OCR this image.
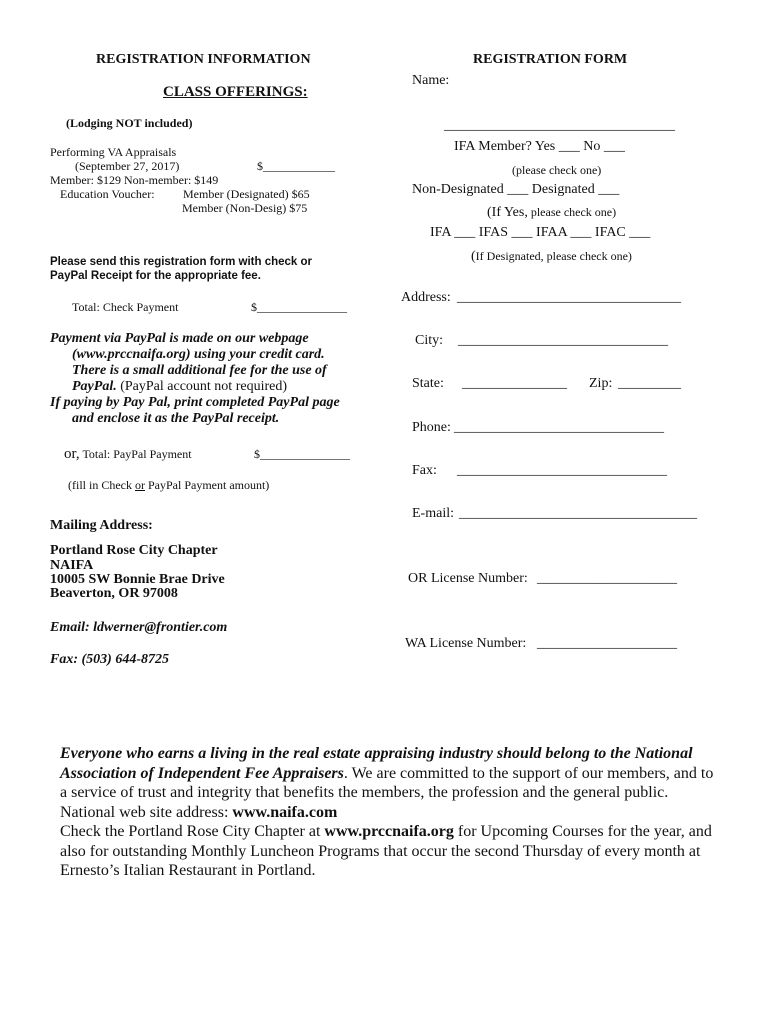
REGISTRATION INFORMATION
CLASS OFFERINGS:
(Lodging NOT included)
Performing VA Appraisals
(September 27, 2017)	$____________
Member: $129 Non-member: $149
Education Voucher: Member (Designated) $65
Member (Non-Desig) $75
Please send this registration form with check or
PayPal Receipt for the appropriate fee.
Total: Check Payment	$_______________
Payment via PayPal is made on our webpage
(www.prccnaifa.org) using your credit card.
There is a small additional fee for the use of
PayPal. (PayPal account not required)
If paying by Pay Pal, print completed PayPal page
and enclose it as the PayPal receipt.
or, Total: PayPal Payment	$_______________
(fill in Check or PayPal Payment amount)
Mailing Address:
Portland Rose City Chapter
NAIFA
10005 SW Bonnie Brae Drive
Beaverton, OR 97008
Email: ldwerner@frontier.com
Fax: (503) 644-8725
REGISTRATION FORM
Name:
_________________________________
IFA Member? Yes ___ No ___
(please check one)
Non-Designated ___ Designated ___
(If Yes, please check one)
IFA ___ IFAS ___ IFAA ___ IFAC ___
(If Designated, please check one)
Address: ________________________________
City: ______________________________
State: _______________ Zip: _________
Phone: ______________________________
Fax: ______________________________
E-mail: __________________________________
OR License Number: ____________________
WA License Number: ____________________
Everyone who earns a living in the real estate appraising industry should belong to the National Association of Independent Fee Appraisers. We are committed to the support of our members, and to a service of trust and integrity that benefits the members, the profession and the general public.
National web site address: www.naifa.com
Check the Portland Rose City Chapter at www.prccnaifa.org for Upcoming Courses for the year, and also for outstanding Monthly Luncheon Programs that occur the second Thursday of every month at Ernesto’s Italian Restaurant in Portland.
